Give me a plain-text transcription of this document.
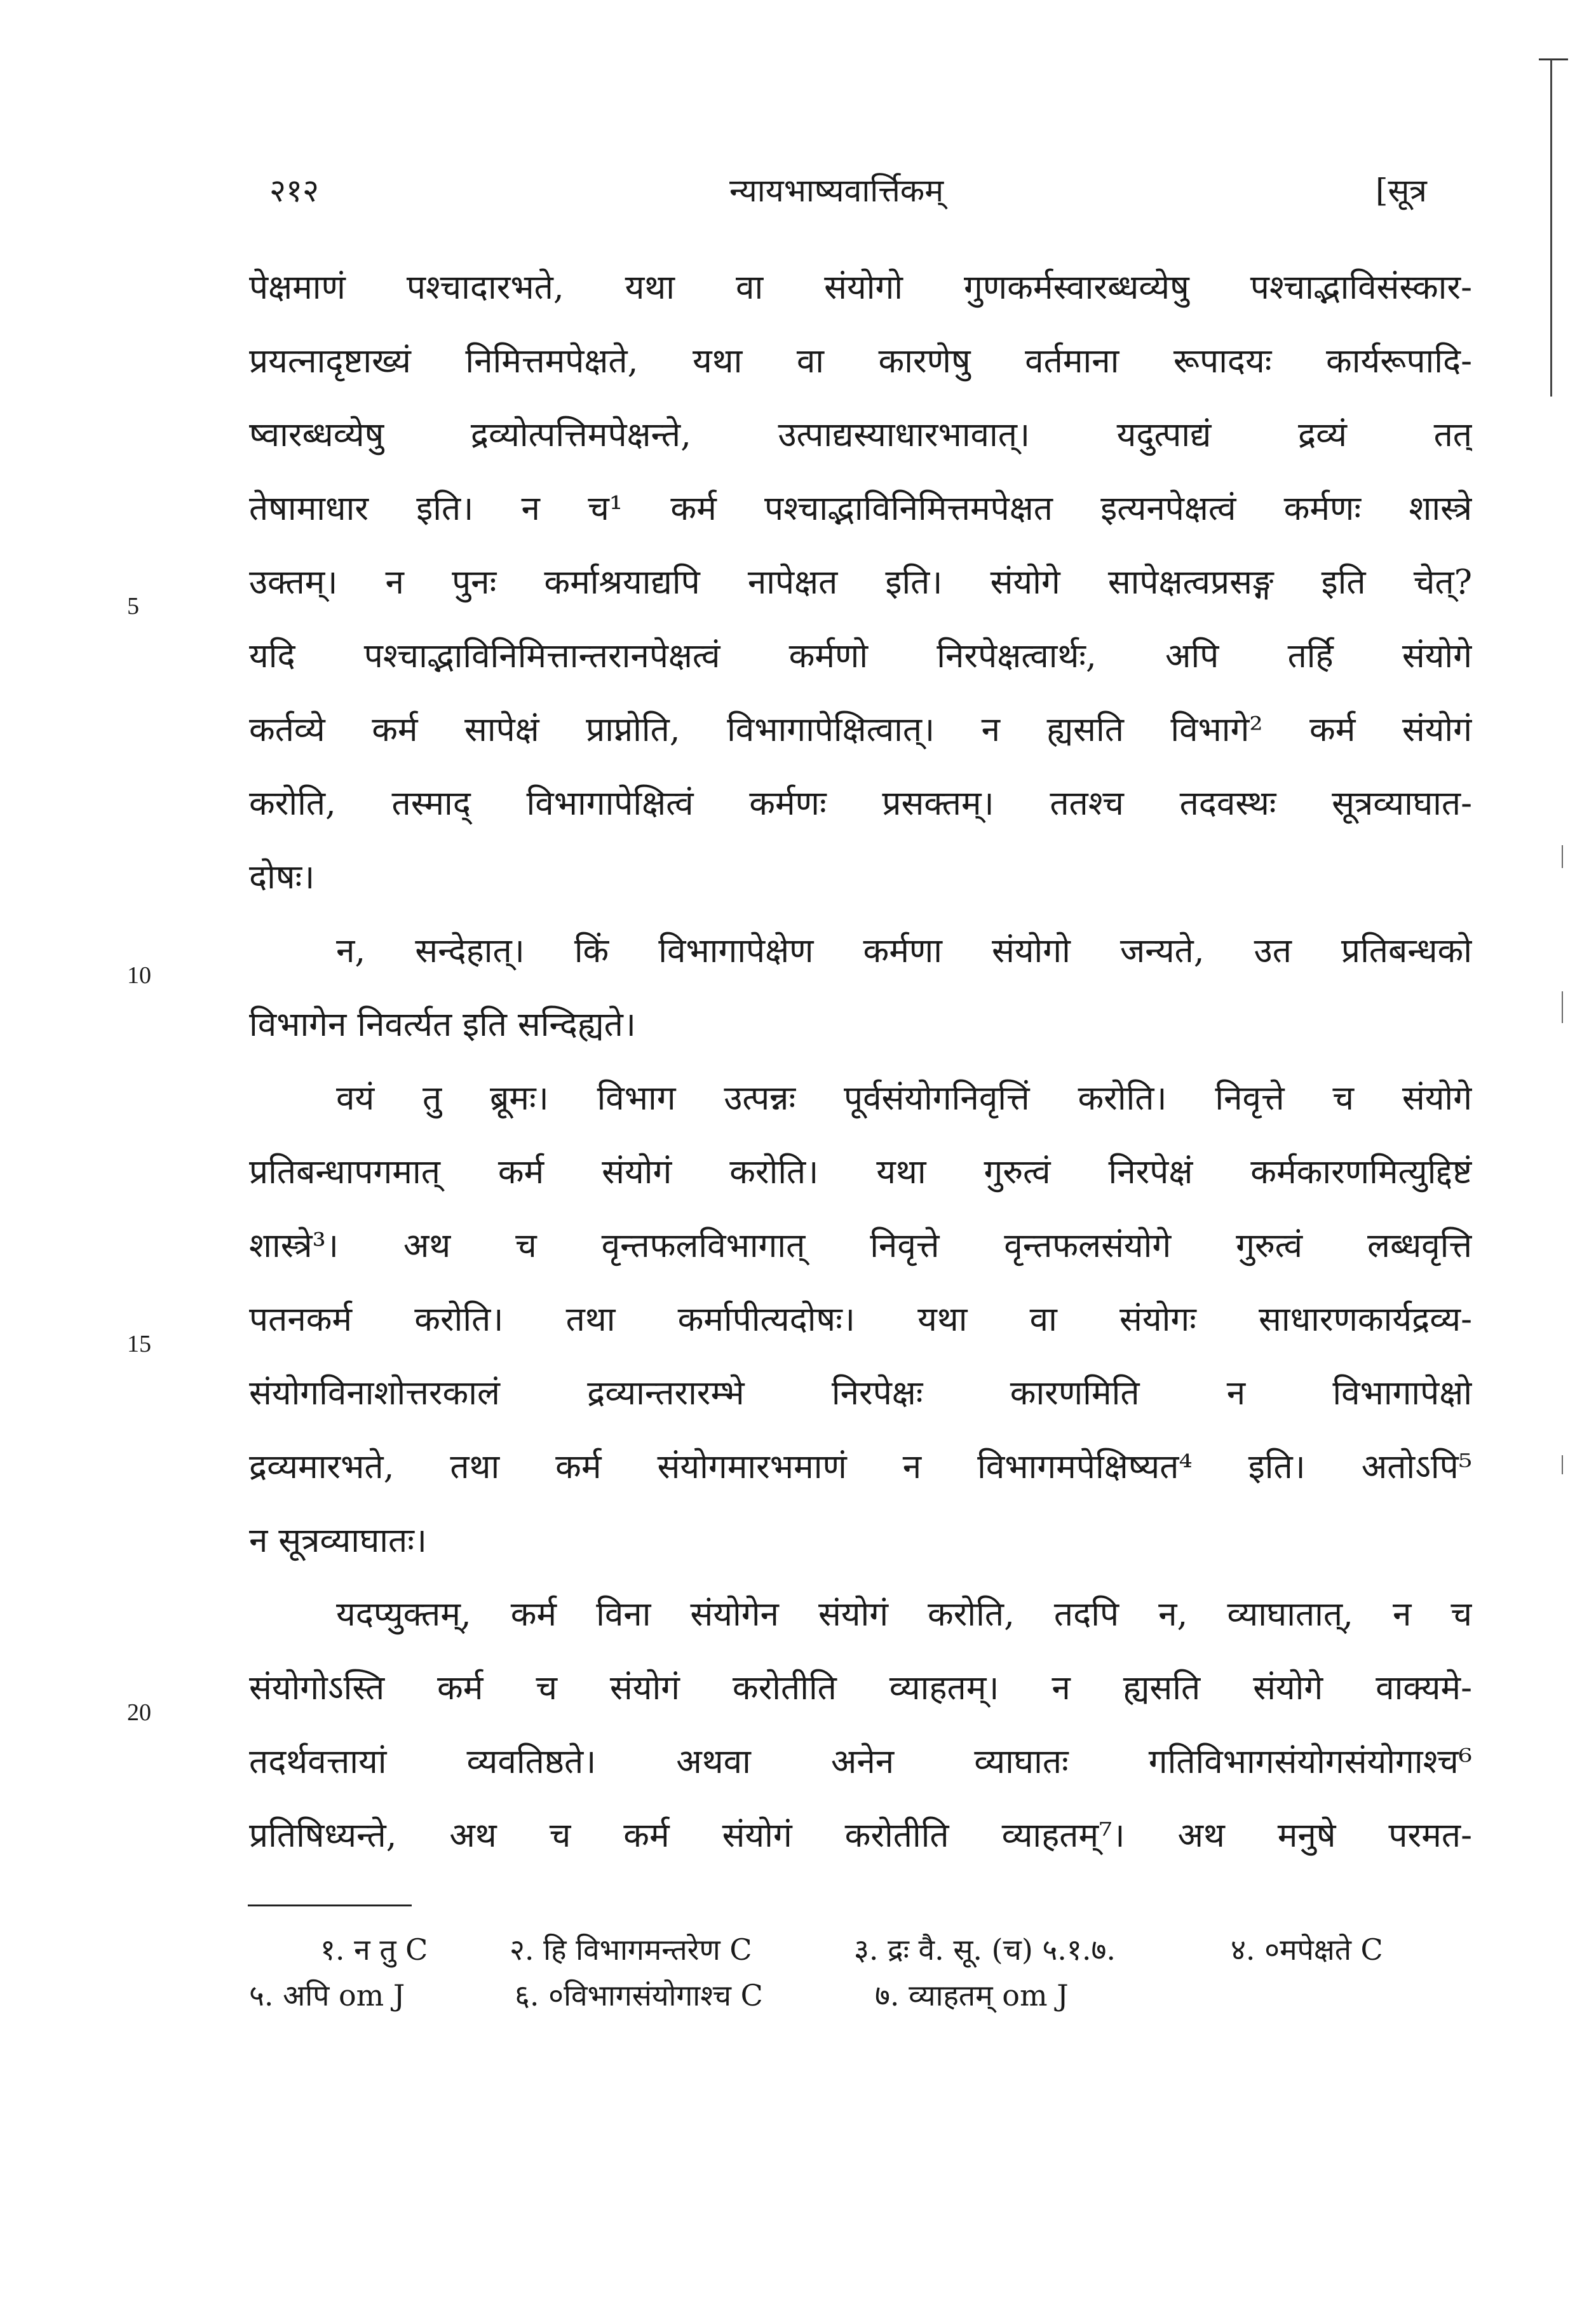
२१२	न्यायभाष्यवार्त्तिकम्	[सूत्र
5
10
15
20
पेक्षमाणं पश्चादारभते, यथा वा संयोगो गुणकर्मस्वारब्धव्येषु पश्चाद्भाविसंस्कार-
प्रयत्नादृष्टाख्यं निमित्तमपेक्षते, यथा वा कारणेषु वर्तमाना रूपादयः कार्यरूपादि-
ष्वारब्धव्येषु द्रव्योत्पत्तिमपेक्षन्ते, उत्पाद्यस्याधारभावात्। यदुत्पाद्यं द्रव्यं तत्
तेषामाधार इति। न च¹ कर्म पश्चाद्भाविनिमित्तमपेक्षत इत्यनपेक्षत्वं कर्मणः शास्त्रे
उक्तम्। न पुनः कर्माश्रयाद्यपि नापेक्षत इति। संयोगे सापेक्षत्वप्रसङ्ग इति चेत्?
यदि पश्चाद्भाविनिमित्तान्तरानपेक्षत्वं कर्मणो निरपेक्षत्वार्थः, अपि तर्हि संयोगे
कर्तव्ये कर्म सापेक्षं प्राप्नोति, विभागापेक्षित्वात्। न ह्यसति विभागे² कर्म संयोगं
करोति, तस्माद् विभागापेक्षित्वं कर्मणः प्रसक्तम्। ततश्च तदवस्थः सूत्रव्याघात-
दोषः।
न, सन्देहात्। किं विभागापेक्षेण कर्मणा संयोगो जन्यते, उत प्रतिबन्धको
विभागेन निवर्त्यत इति सन्दिह्यते।
वयं तु ब्रूमः। विभाग उत्पन्नः पूर्वसंयोगनिवृत्तिं करोति। निवृत्ते च संयोगे
प्रतिबन्धापगमात् कर्म संयोगं करोति। यथा गुरुत्वं निरपेक्षं कर्मकारणमित्युद्दिष्टं
शास्त्रे³। अथ च वृन्तफलविभागात् निवृत्ते वृन्तफलसंयोगे गुरुत्वं लब्धवृत्ति
पतनकर्म करोति। तथा कर्मापीत्यदोषः। यथा वा संयोगः साधारणकार्यद्रव्य-
संयोगविनाशोत्तरकालं द्रव्यान्तरारम्भे निरपेक्षः कारणमिति न विभागापेक्षो
द्रव्यमारभते, तथा कर्म संयोगमारभमाणं न विभागमपेक्षिष्यत⁴ इति। अतोऽपि⁵
न सूत्रव्याघातः।
यदप्युक्तम्, कर्म विना संयोगेन संयोगं करोति, तदपि न, व्याघातात्, न च
संयोगोऽस्ति कर्म च संयोगं करोतीति व्याहतम्। न ह्यसति संयोगे वाक्यमे-
तदर्थवत्तायां व्यवतिष्ठते। अथवा अनेन व्याघातः गतिविभागसंयोगसंयोगाश्च⁶
प्रतिषिध्यन्ते, अथ च कर्म संयोगं करोतीति व्याहतम्⁷। अथ मनुषे परमत-
१. न तु C	२. हि विभागमन्तरेण C	३. द्रः वै. सू. (च) ५.१.७.	४. ०मपेक्षते C
५. अपि om J	६. ०विभागसंयोगाश्च C	७. व्याहतम् om J
